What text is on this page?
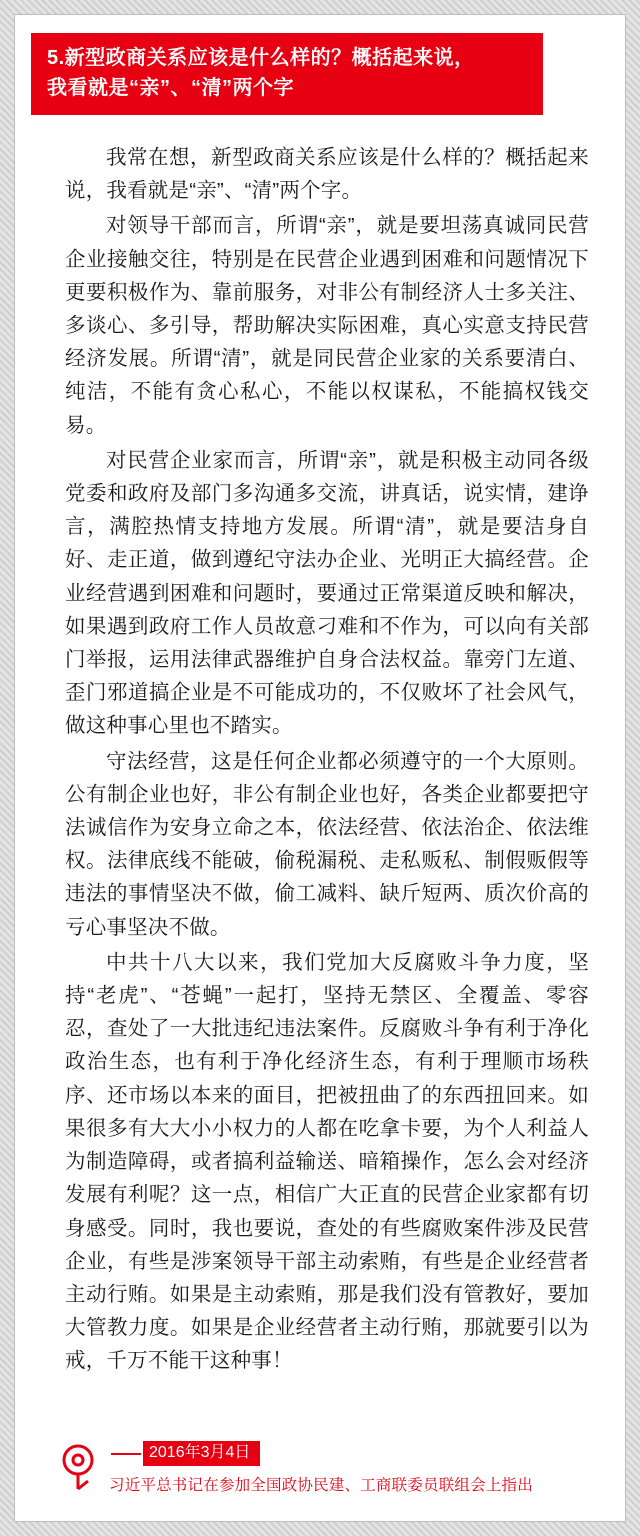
5.新型政商关系应该是什么样的？概括起来说，
我看就是“亲”、“清”两个字

我常在想，新型政商关系应该是什么样的？概括起来说，我看就是“亲”、“清”两个字。

对领导干部而言，所谓“亲”，就是要坦荡真诚同民营企业接触交往，特别是在民营企业遇到困难和问题情况下更要积极作为、靠前服务，对非公有制经济人士多关注、多谈心、多引导，帮助解决实际困难，真心实意支持民营经济发展。所谓“清”，就是同民营企业家的关系要清白、纯洁，不能有贪心私心，不能以权谋私，不能搞权钱交易。

对民营企业家而言，所谓“亲”，就是积极主动同各级党委和政府及部门多沟通多交流，讲真话，说实情，建诤言，满腔热情支持地方发展。所谓“清”，就是要洁身自好、走正道，做到遵纪守法办企业、光明正大搞经营。企业经营遇到困难和问题时，要通过正常渠道反映和解决，如果遇到政府工作人员故意刁难和不作为，可以向有关部门举报，运用法律武器维护自身合法权益。靠旁门左道、歪门邪道搞企业是不可能成功的，不仅败坏了社会风气，做这种事心里也不踏实。

守法经营，这是任何企业都必须遵守的一个大原则。公有制企业也好，非公有制企业也好，各类企业都要把守法诚信作为安身立命之本，依法经营、依法治企、依法维权。法律底线不能破，偷税漏税、走私贩私、制假贩假等违法的事情坚决不做，偷工减料、缺斤短两、质次价高的亏心事坚决不做。

中共十八大以来，我们党加大反腐败斗争力度，坚持“老虎”、“苍蝇”一起打，坚持无禁区、全覆盖、零容忍，查处了一大批违纪违法案件。反腐败斗争有利于净化政治生态，也有利于净化经济生态，有利于理顺市场秩序、还市场以本来的面目，把被扭曲了的东西扭回来。如果很多有大大小小权力的人都在吃拿卡要，为个人利益人为制造障碍，或者搞利益输送、暗箱操作，怎么会对经济发展有利呢？这一点，相信广大正直的民营企业家都有切身感受。同时，我也要说，查处的有些腐败案件涉及民营企业，有些是涉案领导干部主动索贿，有些是企业经营者主动行贿。如果是主动索贿，那是我们没有管教好，要加大管教力度。如果是企业经营者主动行贿，那就要引以为戒，千万不能干这种事！

2016年3月4日
习近平总书记在参加全国政协民建、工商联委员联组会上指出
